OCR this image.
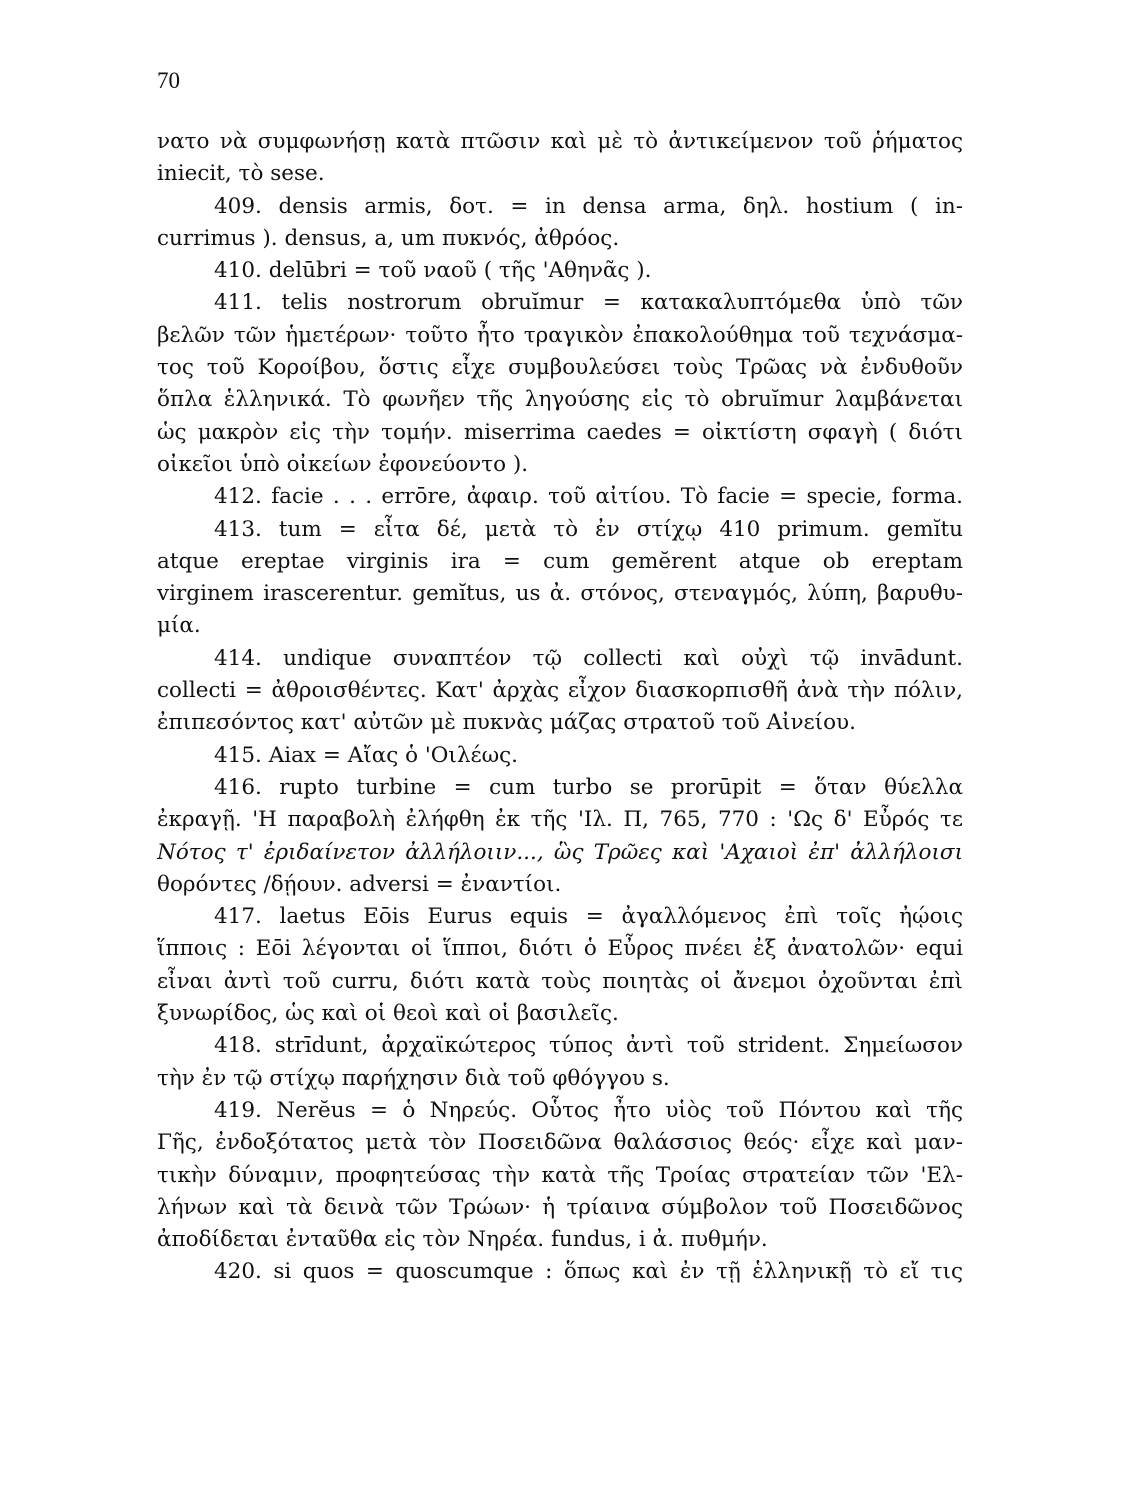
70
νατο νὰ συμφωνήσῃ κατὰ πτῶσιν καὶ μὲ τὸ ἀντικείμενον τοῦ ῥήματος
iniecit, τὸ sese.
409. densis armis, δοτ. = in densa arma, δηλ. hostium ( in-
currimus ). densus, a, um πυκνός, ἀθρόος.
410. delūbri = τοῦ ναοῦ ( τῆς 'Αθηνᾶς ).
411. telis nostrorum obruĭmur = κατακαλυπτόμεθα ὑπὸ τῶν
βελῶν τῶν ἡμετέρων· τοῦτο ἦτο τραγικὸν ἐπακολούθημα τοῦ τεχνάσμα-
τος τοῦ Κοροίβου, ὅστις εἶχε συμβουλεύσει τοὺς Τρῶας νὰ ἐνδυθοῦν
ὅπλα ἑλληνικά. Τὸ φωνῆεν τῆς ληγούσης εἰς τὸ obruĭmur λαμβάνεται
ὡς μακρὸν εἰς τὴν τομήν. miserrima caedes = οἰκτίστη σφαγὴ ( διότι
οἰκεῖοι ὑπὸ οἰκείων ἐφονεύοντο ).
412. facie . . . errōre, ἀφαιρ. τοῦ αἰτίου. Τὸ facie = specie, forma.
413. tum = εἶτα δέ, μετὰ τὸ ἐν στίχῳ 410 primum. gemĭtu
atque ereptae virginis ira = cum gemĕrent atque ob ereptam
virginem irascerentur. gemĭtus, us ἀ. στόνος, στεναγμός, λύπη, βαρυθυ-
μία.
414. undique συναπτέον τῷ collecti καὶ οὐχὶ τῷ invādunt.
collecti = ἀθροισθέντες. Κατ' ἀρχὰς εἶχον διασκορπισθῆ ἀνὰ τὴν πόλιν,
ἐπιπεσόντος κατ' αὐτῶν μὲ πυκνὰς μάζας στρατοῦ τοῦ Αἰνείου.
415. Aiax = Αἴας ὁ 'Οιλέως.
416. rupto turbine = cum turbo se prorūpit = ὅταν θύελλα
ἐκραγῇ. 'Η παραβολὴ ἐλήφθη ἐκ τῆς 'Ιλ. Π, 765, 770 : 'Ως δ' Εὖρός τε
Νότος τ' ἐριδαίνετον ἀλλήλοιιν..., ὣς Τρῶες καὶ 'Αχαιοὶ ἐπ' ἀλλήλοισι
θορόντες /δῄουν. adversi = ἐναντίοι.
417. laetus Eōis Eurus equis = ἀγαλλόμενος ἐπὶ τοῖς ἠῴοις
ἵπποις : Eōi λέγονται οἱ ἵπποι, διότι ὁ Εὖρος πνέει ἐξ ἀνατολῶν· equi
εἶναι ἀντὶ τοῦ curru, διότι κατὰ τοὺς ποιητὰς οἱ ἄνεμοι ὀχοῦνται ἐπὶ
ξυνωρίδος, ὡς καὶ οἱ θεοὶ καὶ οἱ βασιλεῖς.
418. strīdunt, ἀρχαϊκώτερος τύπος ἀντὶ τοῦ strident. Σημείωσον
τὴν ἐν τῷ στίχῳ παρήχησιν διὰ τοῦ φθόγγου s.
419. Nerĕus = ὁ Νηρεύς. Οὗτος ἦτο υἱὸς τοῦ Πόντου καὶ τῆς
Γῆς, ἐνδοξότατος μετὰ τὸν Ποσειδῶνα θαλάσσιος θεός· εἶχε καὶ μαν-
τικὴν δύναμιν, προφητεύσας τὴν κατὰ τῆς Τροίας στρατείαν τῶν 'Ελ-
λήνων καὶ τὰ δεινὰ τῶν Τρώων· ἡ τρίαινα σύμβολον τοῦ Ποσειδῶνος
ἀποδίδεται ἐνταῦθα εἰς τὸν Νηρέα. fundus, i ἀ. πυθμήν.
420. si quos = quoscumque : ὅπως καὶ ἐν τῇ ἑλληνικῇ τὸ εἴ τις
